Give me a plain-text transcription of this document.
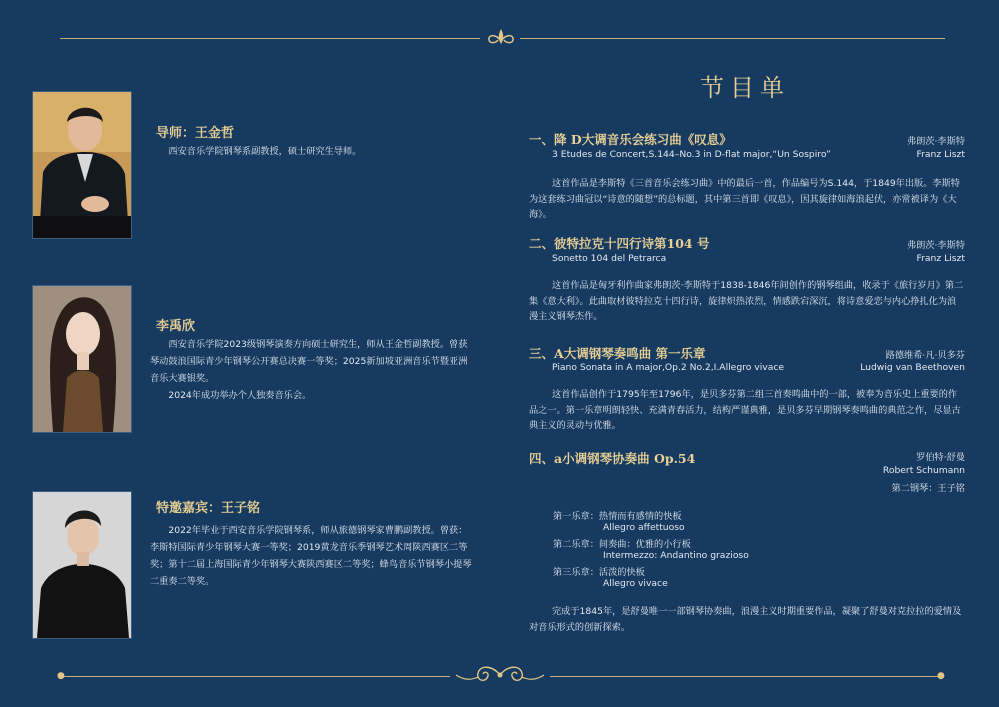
导师：王金哲

西安音乐学院钢琴系副教授，硕士研究生导师。

李禹欣

西安音乐学院2023级钢琴演奏方向硕士研究生，师从王金哲副教授。曾获琴动鼓浪国际青少年钢琴公开赛总决赛一等奖；2025新加坡亚洲音乐节暨亚洲音乐大赛银奖。

2024年成功举办个人独奏音乐会。

特邀嘉宾：王子铭

2022年毕业于西安音乐学院钢琴系，师从旅德钢琴家曹鹏副教授。曾获：李斯特国际青少年钢琴大赛一等奖；2019黄龙音乐季钢琴艺术周陕西赛区二等奖；第十二届上海国际青少年钢琴大赛陕西赛区二等奖；蜂鸟音乐节钢琴小提琴二重奏二等奖。

节目单
一、降 D大调音乐会练习曲《叹息》	弗朗茨·李斯特
3 Etudes de Concert,S.144–No.3 in D-flat major,“Un Sospiro”	Franz Liszt

这首作品是李斯特《三首音乐会练习曲》中的最后一首，作品编号为S.144，于1849年出版。李斯特为这套练习曲冠以“诗意的随想”的总标题，其中第三首即《叹息》，因其旋律如海浪起伏，亦常被译为《大海》。

二、彼特拉克十四行诗第104 号	弗朗茨·李斯特
Sonetto 104 del Petrarca	Franz Liszt

这首作品是匈牙利作曲家弗朗茨·李斯特于1838-1846年间创作的钢琴组曲，收录于《旅行岁月》第二集《意大利》。此曲取材彼特拉克十四行诗，旋律炽热浓烈，情感跌宕深沉，将诗意爱恋与内心挣扎化为浪漫主义钢琴杰作。

三、A大调钢琴奏鸣曲 第一乐章	路德维希·凡·贝多芬
Piano Sonata in A major,Op.2 No.2,I.Allegro vivace	Ludwig van Beethoven

这首作品创作于1795年至1796年，是贝多芬第二组三首奏鸣曲中的一部，被奉为音乐史上重要的作品之一。第一乐章明朗轻快、充满青春活力，结构严谨典雅，是贝多芬早期钢琴奏鸣曲的典范之作，尽显古典主义的灵动与优雅。

四、a小调钢琴协奏曲 Op.54	罗伯特·舒曼
Robert Schumann
第二钢琴：王子铭
第一乐章：热情而有感情的快板
Allegro affettuoso
第二乐章：间奏曲：优雅的小行板
Intermezzo: Andantino grazioso
第三乐章：活泼的快板
Allegro vivace

完成于1845年，是舒曼唯一一部钢琴协奏曲，浪漫主义时期重要作品，凝聚了舒曼对克拉拉的爱情及对音乐形式的创新探索。

●	●
